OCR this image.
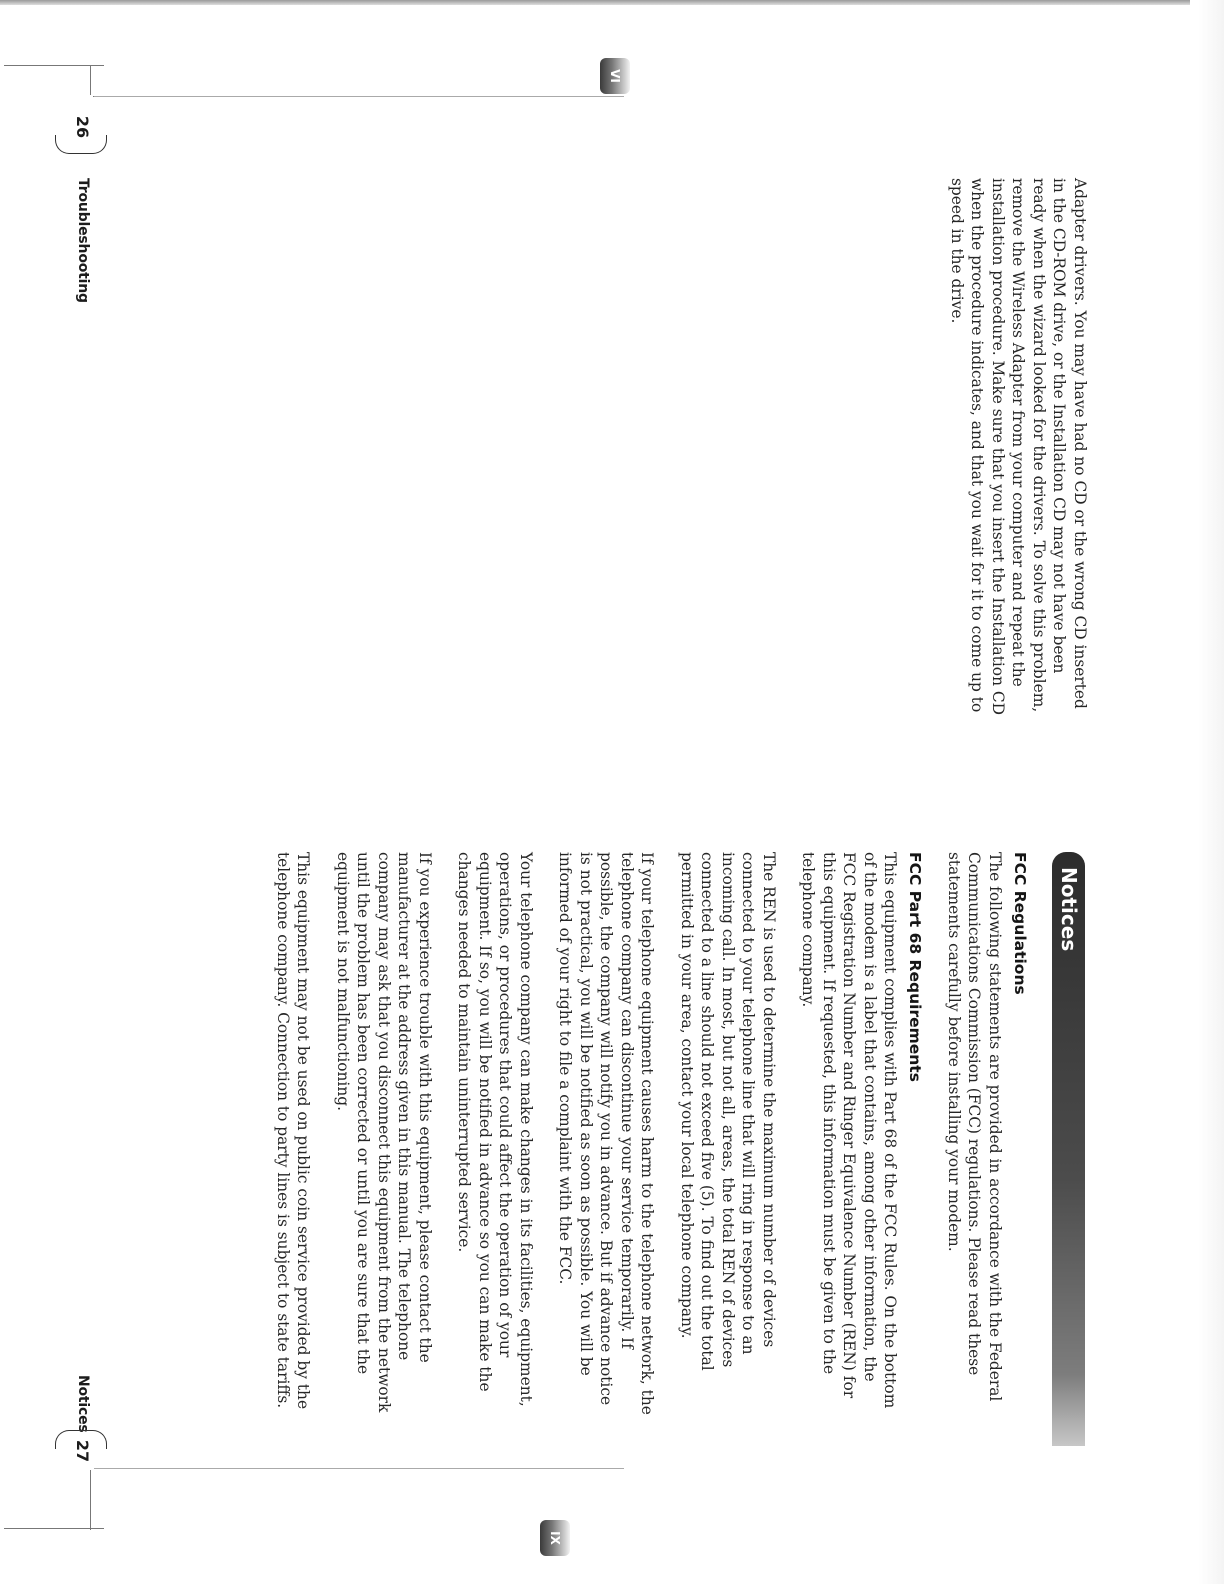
Adapter drivers. You may have had no CD or the wrong CD inserted in the CD-ROM drive, or the Installation CD may not have been ready when the wizard looked for the drivers. To solve this problem, remove the Wireless Adapter from your computer and repeat the installation procedure. Make sure that you insert the Installation CD when the procedure indicates, and that you wait for it to come up to speed in the drive.

26
Troubleshooting
VI
Notices
FCC Regulations

The following statements are provided in accordance with the Federal Communications Commission (FCC) regulations. Please read these statements carefully before installing your modem.

FCC Part 68 Requirements

This equipment complies with Part 68 of the FCC Rules. On the bottom of the modem is a label that contains, among other information, the FCC Registration Number and Ringer Equivalence Number (REN) for this equipment. If requested, this information must be given to the telephone company.

The REN is used to determine the maximum number of devices connected to your telephone line that will ring in response to an incoming call. In most, but not all, areas, the total REN of devices connected to a line should not exceed five (5). To find out the total permitted in your area, contact your local telephone company.

If your telephone equipment causes harm to the telephone network, the telephone company can discontinue your service temporarily. If possible, the company will notify you in advance. But if advance notice is not practical, you will be notified as soon as possible. You will be informed of your right to file a complaint with the FCC.

Your telephone company can make changes in its facilities, equipment, operations, or procedures that could affect the operation of your equipment. If so, you will be notified in advance so you can make the changes needed to maintain uninterrupted service.

If you experience trouble with this equipment, please contact the manufacturer at the address given in this manual. The telephone company may ask that you disconnect this equipment from the network until the problem has been corrected or until you are sure that the equipment is not malfunctioning.

This equipment may not be used on public coin service provided by the telephone company. Connection to party lines is subject to state tariffs.

Notices
27
IX
